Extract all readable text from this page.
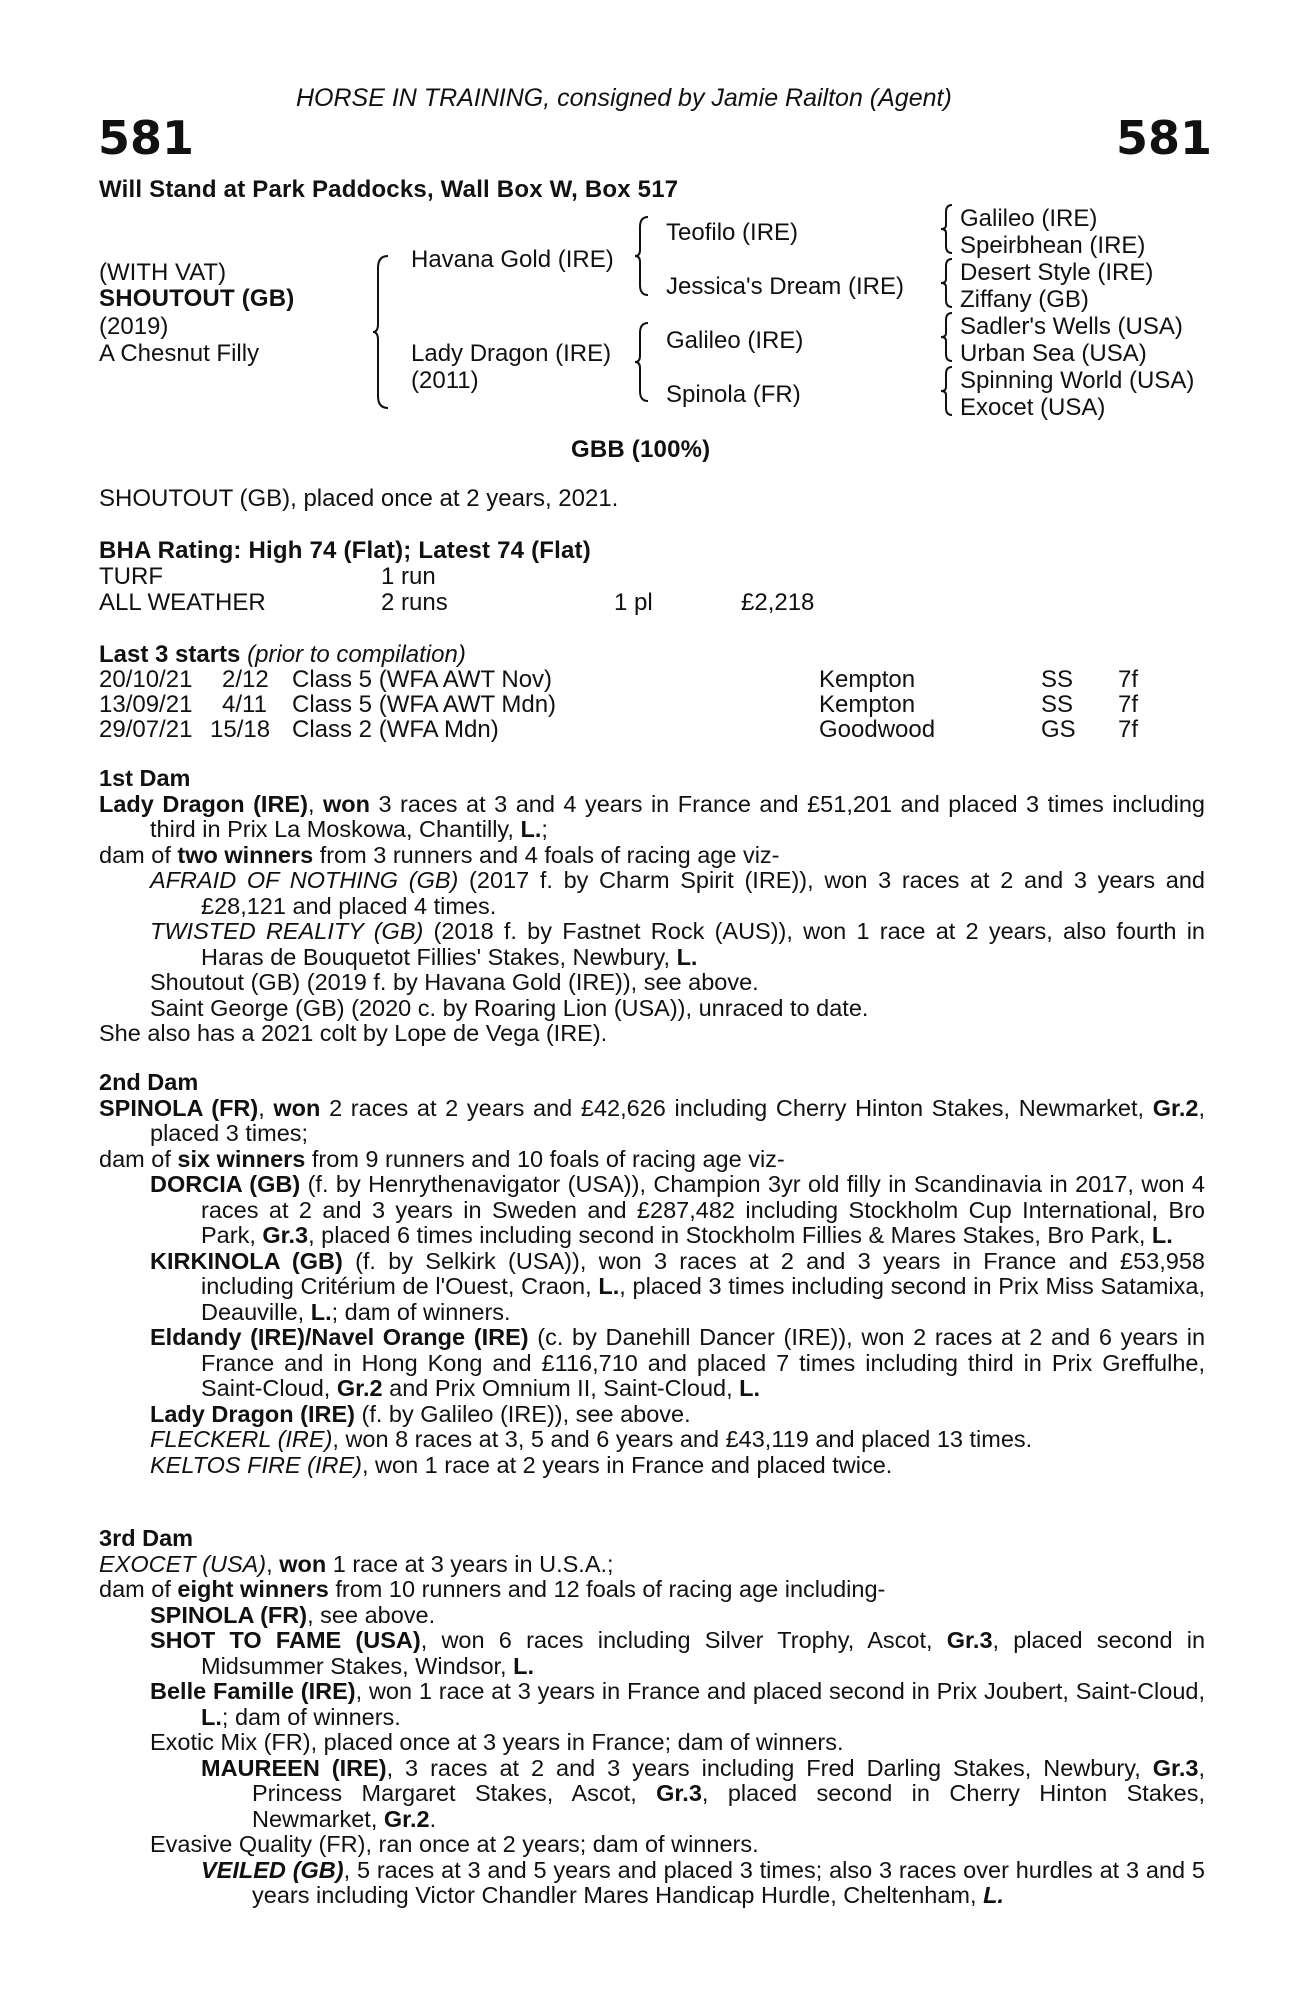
HORSE IN TRAINING, consigned by Jamie Railton (Agent)
581	581
Will Stand at Park Paddocks, Wall Box W, Box 517
(WITH VAT)
SHOUTOUT (GB)
(2019)
A Chesnut Filly
Havana Gold (IRE)
Lady Dragon (IRE)
(2011)
Teofilo (IRE)
Jessica's Dream (IRE)
Galileo (IRE)
Spinola (FR)
Galileo (IRE)
Speirbhean (IRE)
Desert Style (IRE)
Ziffany (GB)
Sadler's Wells (USA)
Urban Sea (USA)
Spinning World (USA)
Exocet (USA)
GBB (100%)
SHOUTOUT (GB), placed once at 2 years, 2021.
BHA Rating: High 74 (Flat); Latest 74 (Flat)
TURF	1 run
ALL WEATHER	2 runs	1 pl	£2,218
Last 3 starts (prior to compilation)
20/10/21 2/12 Class 5 (WFA AWT Nov)	Kempton	SS 7f
13/09/21 4/11 Class 5 (WFA AWT Mdn)	Kempton	SS 7f
29/07/21 15/18 Class 2 (WFA Mdn)	Goodwood	GS 7f

1st Dam

Lady Dragon (IRE), won 3 races at 3 and 4 years in France and £51,201 and placed 3 times including third in Prix La Moskowa, Chantilly, L.;

dam of two winners from 3 runners and 4 foals of racing age viz-

AFRAID OF NOTHING (GB) (2017 f. by Charm Spirit (IRE)), won 3 races at 2 and 3 years and £28,121 and placed 4 times.

TWISTED REALITY (GB) (2018 f. by Fastnet Rock (AUS)), won 1 race at 2 years, also fourth in Haras de Bouquetot Fillies' Stakes, Newbury, L.

Shoutout (GB) (2019 f. by Havana Gold (IRE)), see above.

Saint George (GB) (2020 c. by Roaring Lion (USA)), unraced to date.

She also has a 2021 colt by Lope de Vega (IRE).

2nd Dam

SPINOLA (FR), won 2 races at 2 years and £42,626 including Cherry Hinton Stakes, Newmarket, Gr.2, placed 3 times;

dam of six winners from 9 runners and 10 foals of racing age viz-

DORCIA (GB) (f. by Henrythenavigator (USA)), Champion 3yr old filly in Scandinavia in 2017, won 4 races at 2 and 3 years in Sweden and £287,482 including Stockholm Cup International, Bro Park, Gr.3, placed 6 times including second in Stockholm Fillies & Mares Stakes, Bro Park, L.

KIRKINOLA (GB) (f. by Selkirk (USA)), won 3 races at 2 and 3 years in France and £53,958 including Critérium de l'Ouest, Craon, L., placed 3 times including second in Prix Miss Satamixa, Deauville, L.; dam of winners.

Eldandy (IRE)/Navel Orange (IRE) (c. by Danehill Dancer (IRE)), won 2 races at 2 and 6 years in France and in Hong Kong and £116,710 and placed 7 times including third in Prix Greffulhe, Saint-Cloud, Gr.2 and Prix Omnium II, Saint-Cloud, L.

Lady Dragon (IRE) (f. by Galileo (IRE)), see above.

FLECKERL (IRE), won 8 races at 3, 5 and 6 years and £43,119 and placed 13 times.

KELTOS FIRE (IRE), won 1 race at 2 years in France and placed twice.

3rd Dam

EXOCET (USA), won 1 race at 3 years in U.S.A.;

dam of eight winners from 10 runners and 12 foals of racing age including-

SPINOLA (FR), see above.

SHOT TO FAME (USA), won 6 races including Silver Trophy, Ascot, Gr.3, placed second in Midsummer Stakes, Windsor, L.

Belle Famille (IRE), won 1 race at 3 years in France and placed second in Prix Joubert, Saint-Cloud, L.; dam of winners.

Exotic Mix (FR), placed once at 3 years in France; dam of winners.

MAUREEN (IRE), 3 races at 2 and 3 years including Fred Darling Stakes, Newbury, Gr.3, Princess Margaret Stakes, Ascot, Gr.3, placed second in Cherry Hinton Stakes, Newmarket, Gr.2.

Evasive Quality (FR), ran once at 2 years; dam of winners.

VEILED (GB), 5 races at 3 and 5 years and placed 3 times; also 3 races over hurdles at 3 and 5 years including Victor Chandler Mares Handicap Hurdle, Cheltenham, L.
